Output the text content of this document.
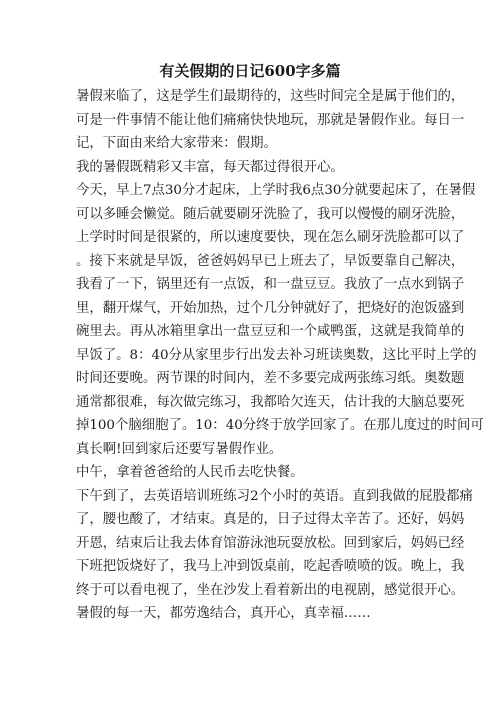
有关假期的日记600字多篇
暑假来临了，这是学生们最期待的，这些时间完全是属于他们的，
可是一件事情不能让他们痛痛快快地玩，那就是暑假作业。每日一
记，下面由来给大家带来：假期。
我的暑假既精彩又丰富，每天都过得很开心。
今天，早上7点30分才起床，上学时我6点30分就要起床了，在暑假
可以多睡会懒觉。随后就要刷牙洗脸了，我可以慢慢的刷牙洗脸，
上学时时间是很紧的，所以速度要快，现在怎么刷牙洗脸都可以了
。接下来就是早饭，爸爸妈妈早已上班去了，早饭要靠自己解决，
我看了一下，锅里还有一点饭，和一盘豆豆。我放了一点水到锅子
里，翻开煤气，开始加热，过个几分钟就好了，把烧好的泡饭盛到
碗里去。再从冰箱里拿出一盘豆豆和一个咸鸭蛋，这就是我简单的
早饭了。8：40分从家里步行出发去补习班读奥数，这比平时上学的
时间还要晚。两节课的时间内，差不多要完成两张练习纸。奥数题
通常都很难，每次做完练习，我都哈欠连天，估计我的大脑总要死
掉100个脑细胞了。10：40分终于放学回家了。在那儿度过的时间可
真长啊!回到家后还要写暑假作业。
中午，拿着爸爸给的人民币去吃快餐。
下午到了，去英语培训班练习2个小时的英语。直到我做的屁股都痛
了，腰也酸了，才结束。真是的，日子过得太辛苦了。还好，妈妈
开恩，结束后让我去体育馆游泳池玩耍放松。回到家后，妈妈已经
下班把饭烧好了，我马上冲到饭桌前，吃起香喷喷的饭。晚上，我
终于可以看电视了，坐在沙发上看着新出的电视剧，感觉很开心。
暑假的每一天，都劳逸结合，真开心，真幸福……
